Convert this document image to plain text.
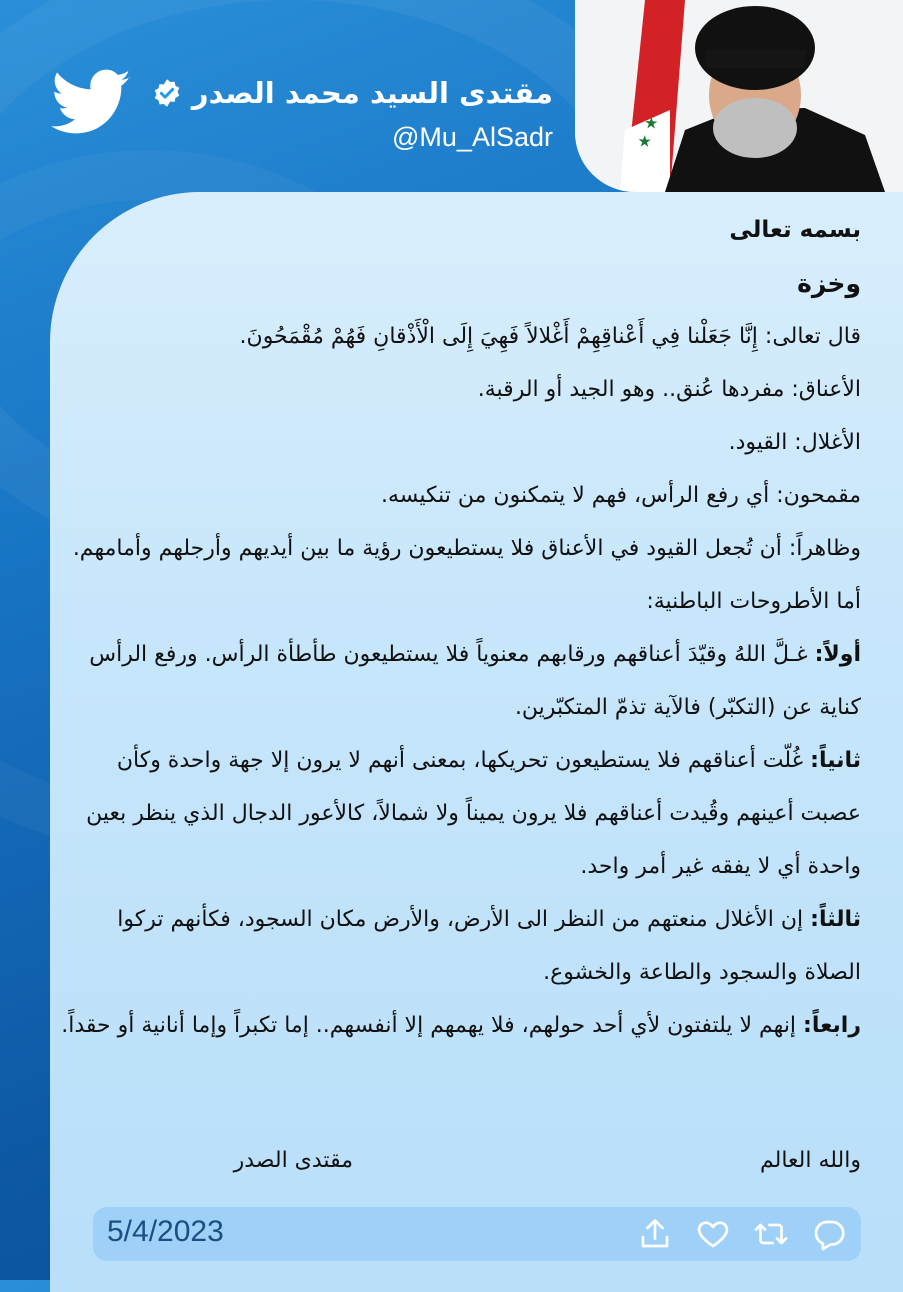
مقتدى السيد محمد الصدر
@Mu_AlSadr	★ ★

بسمه تعالى

وخزة

قال تعالى: إِنَّا جَعَلْنا فِي أَعْناقِهِمْ أَغْلالاً فَهِيَ إِلَى الْأَذْقانِ فَهُمْ مُقْمَحُونَ.

الأعناق: مفردها عُنق.. وهو الجيد أو الرقبة.

الأغلال: القيود.

مقمحون: أي رفع الرأس، فهم لا يتمكنون من تنكيسه.

وظاهراً: أن تُجعل القيود في الأعناق فلا يستطيعون رؤية ما بين أيديهم وأرجلهم وأمامهم.

أما الأطروحات الباطنية:

أولاً: غـلَّ اللهُ وقيّدَ أعناقهم ورقابهم معنوياً فلا يستطيعون طأطأة الرأس. ورفع الرأس كناية عن (التكبّر) فالآية تذمّ المتكبّرين.

ثانياً: غُلّت أعناقهم فلا يستطيعون تحريكها، بمعنى أنهم لا يرون إلا جهة واحدة وكأن عصبت أعينهم وقُيدت أعناقهم فلا يرون يميناً ولا شمالاً، كالأعور الدجال الذي ينظر بعين واحدة أي لا يفقه غير أمر واحد.

ثالثاً: إن الأغلال منعتهم من النظر الى الأرض، والأرض مكان السجود، فكأنهم تركوا الصلاة والسجود والطاعة والخشوع.

رابعاً: إنهم لا يلتفتون لأي أحد حولهم، فلا يهمهم إلا أنفسهم.. إما تكبراً وإما أنانية أو حقداً.

والله العالم
مقتدى الصدر
5/4/2023
